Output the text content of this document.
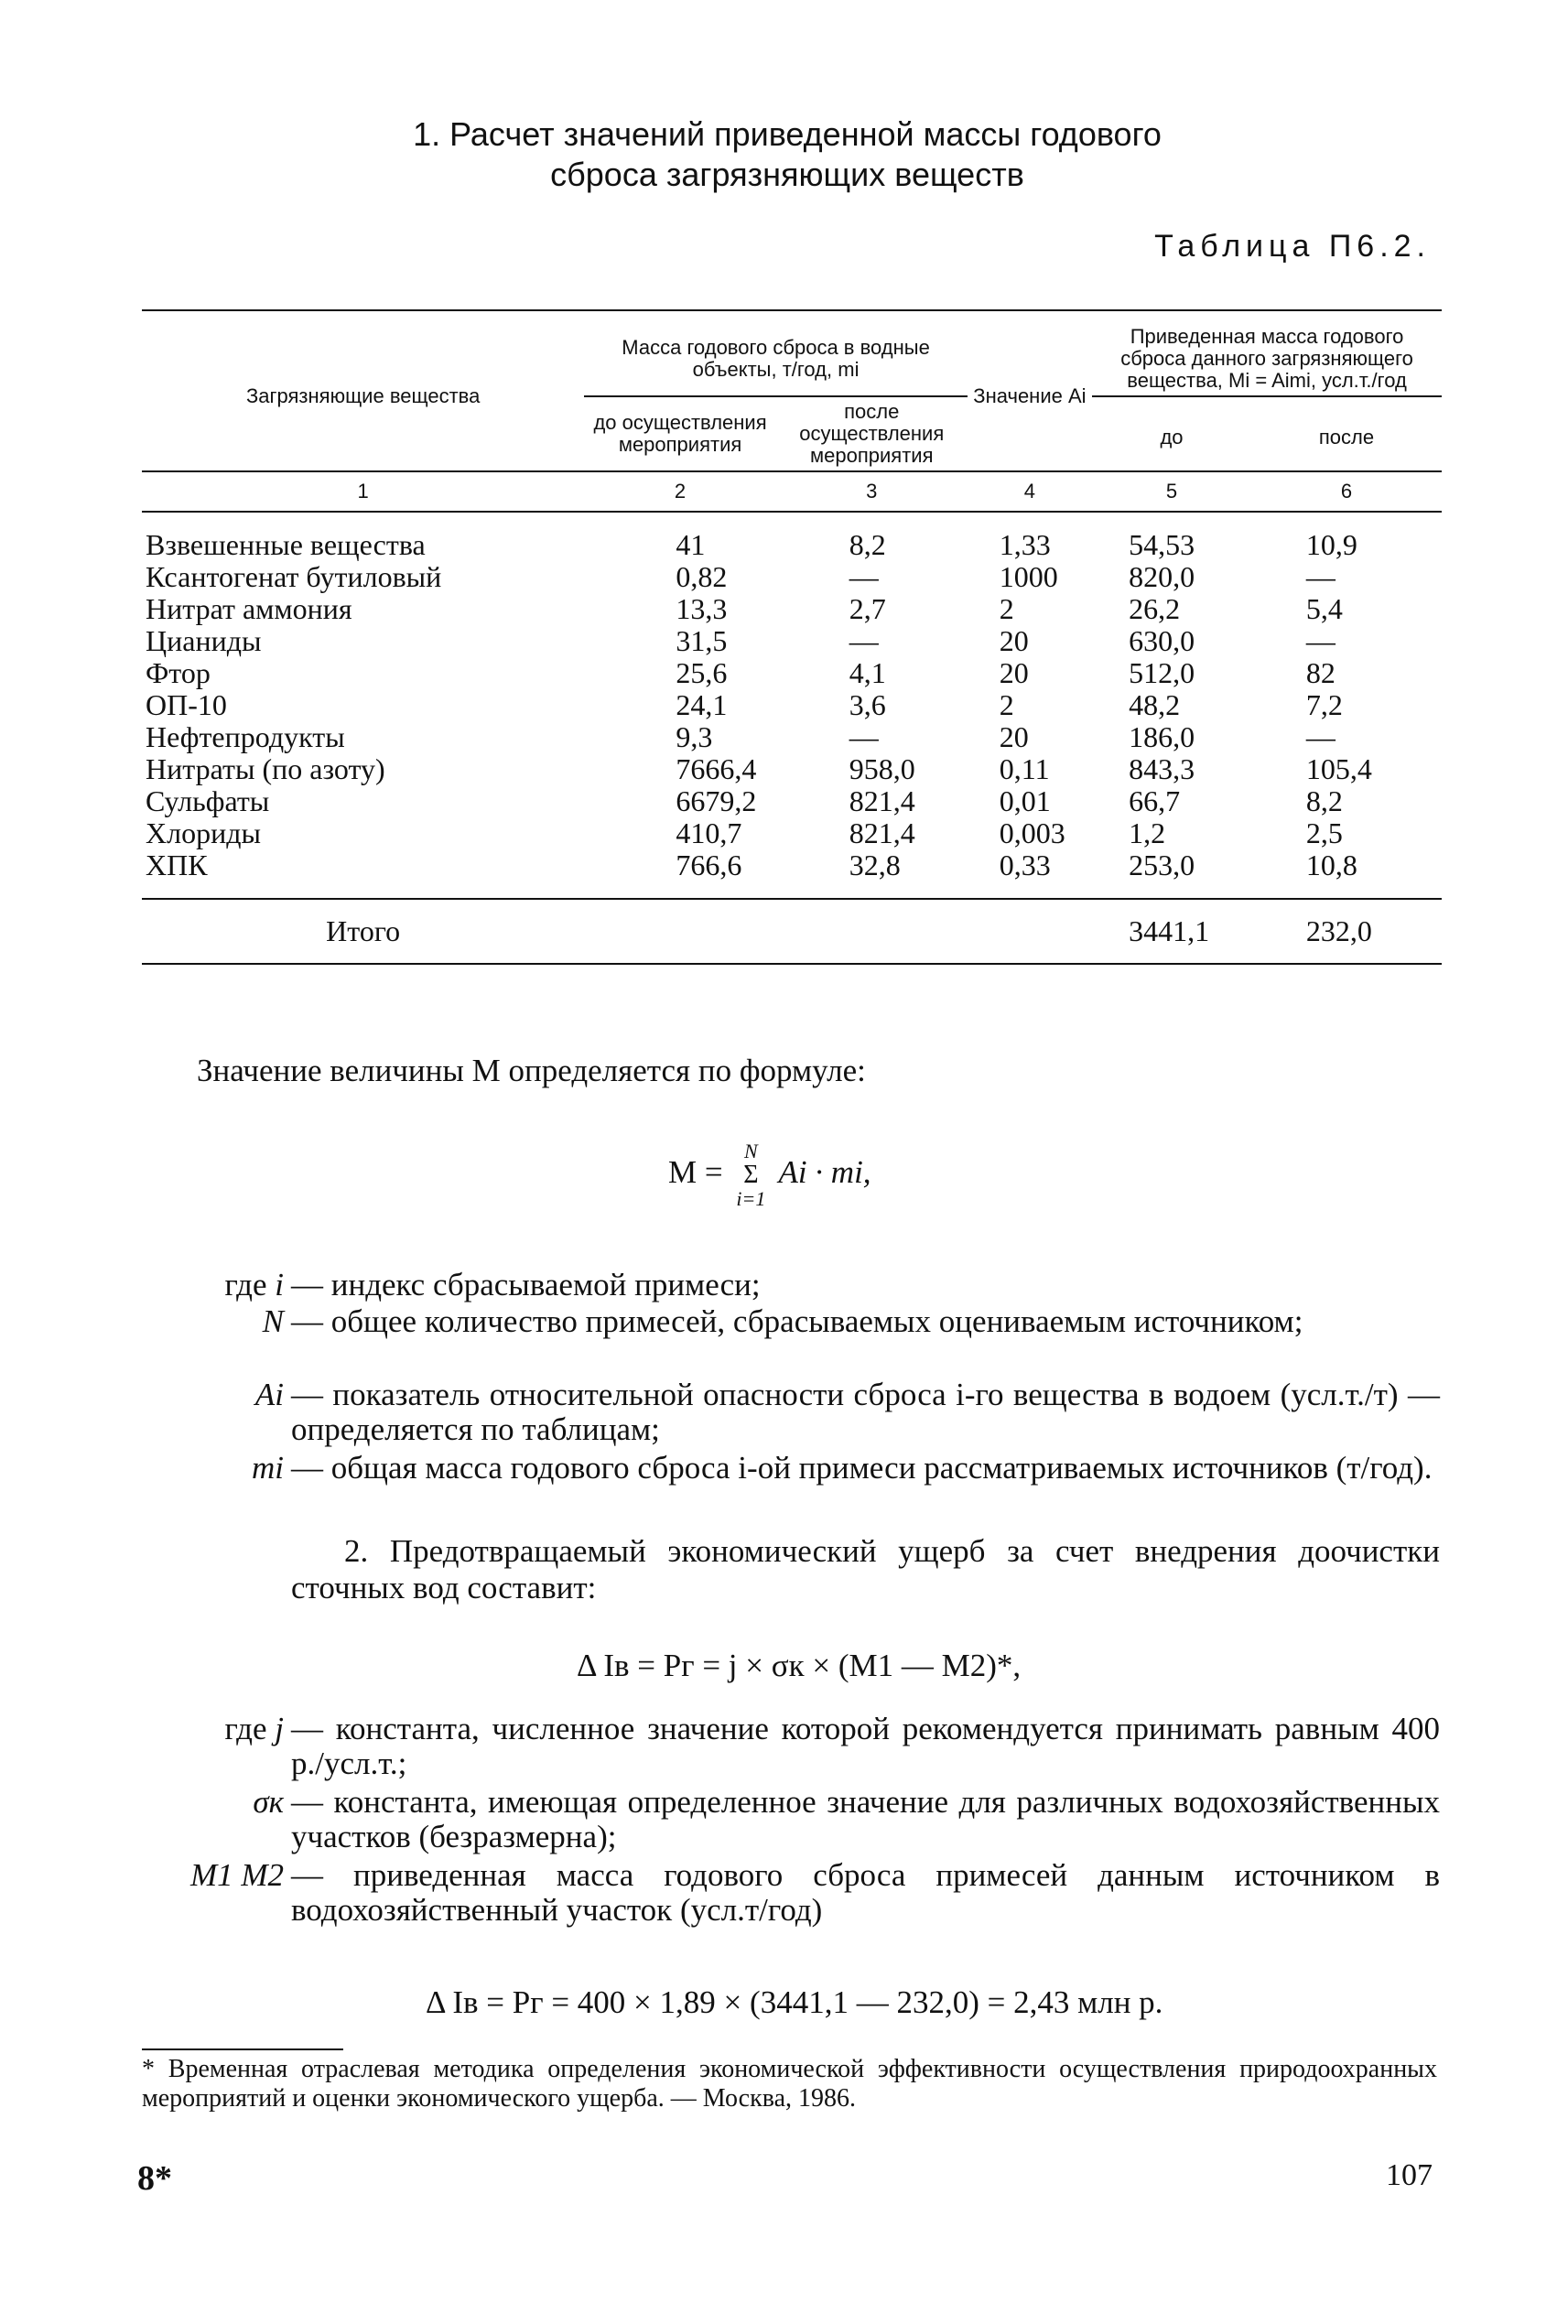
1. Расчет значений приведенной массы годового
сброса загрязняющих веществ
Таблица П6.2.
Загрязняющие вещества	Масса годового сброса в водные объекты, т/год, mi		Значение Ai	Приведенная масса годового сброса данного загрязняющего вещества, Mi = Aimi, усл.т./год	
	до осуществления мероприятия	после осуществления мероприятия			
				до	после
1	2	3	4	5	6
Взвешенные вещества	41	8,2	1,33	54,53	10,9
Ксантогенат бутиловый	0,82	—	1000	820,0	—
Нитрат аммония	13,3	2,7	2	26,2	5,4
Цианиды	31,5	—	20	630,0	—
Фтор	25,6	4,1	20	512,0	82
ОП-10	24,1	3,6	2	48,2	7,2
Нефтепродукты	9,3	—	20	186,0	—
Нитраты (по азоту)	7666,4	958,0	0,11	843,3	105,4
Сульфаты	6679,2	821,4	0,01	66,7	8,2
Хлориды	410,7	821,4	0,003	1,2	2,5
ХПК	766,6	32,8	0,33	253,0	10,8
Итого				3441,1	232,0
Значение величины M определяется по формуле:
M =
N
Σ
i=1
Ai · mi,
где i — индекс сбрасываемой примеси;
N — общее количество примесей, сбрасываемых оцениваемым источником;
Ai — показатель относительной опасности сброса i-го вещества в водоем (усл.т./т) — определяется по таблицам;
mi — общая масса годового сброса i-ой примеси рассматриваемых источников (т/год).
2. Предотвращаемый экономический ущерб за счет внедрения доочистки сточных вод составит:
Δ Iв = Pг = j × σк × (M1 — M2)*,
где j — константа, численное значение которой рекомендуется принимать равным 400 р./усл.т.;
σк — константа, имеющая определенное значение для различных водохозяйственных участков (безразмерна);
M1 M2 — приведенная масса годового сброса примесей данным источником в водохозяйственный участок (усл.т/год)
Δ Iв = Pг = 400 × 1,89 × (3441,1 — 232,0) = 2,43 млн р.
* Временная отраслевая методика определения экономической эффективности осуществления природоохранных мероприятий и оценки экономического ущерба. — Москва, 1986.
8*	107
